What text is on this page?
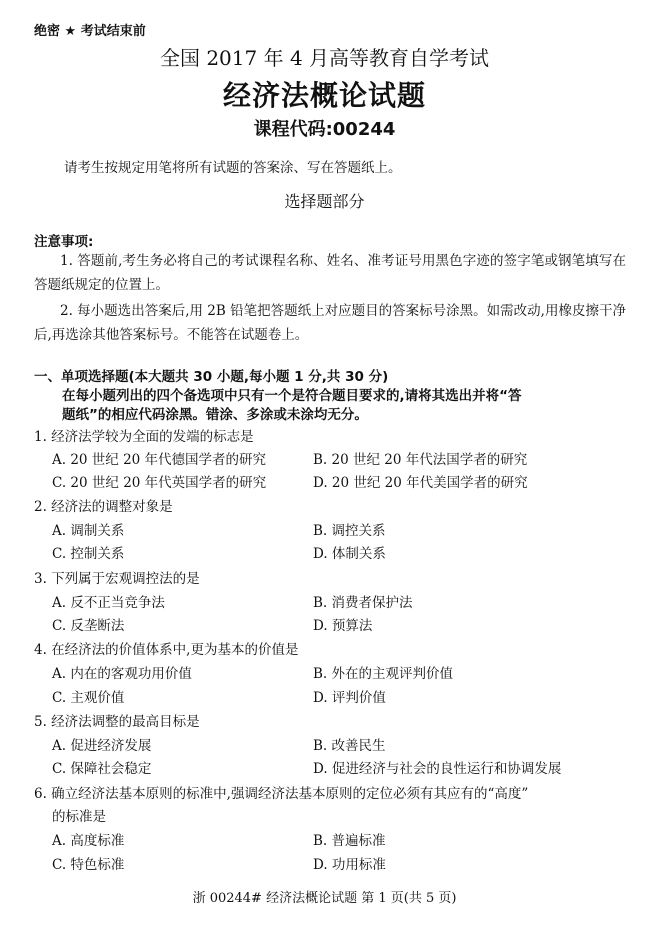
绝密 ★ 考试结束前
全国 2017 年 4 月高等教育自学考试
经济法概论试题
课程代码:00244
请考生按规定用笔将所有试题的答案涂、写在答题纸上。
选择题部分
注意事项:
1. 答题前,考生务必将自己的考试课程名称、姓名、准考证号用黑色字迹的签字笔或钢笔填写在答题纸规定的位置上。
2. 每小题选出答案后,用 2B 铅笔把答题纸上对应题目的答案标号涂黑。如需改动,用橡皮擦干净后,再选涂其他答案标号。不能答在试题卷上。
一、单项选择题(本大题共 30 小题,每小题 1 分,共 30 分)
在每小题列出的四个备选项中只有一个是符合题目要求的,请将其选出并将“答
题纸”的相应代码涂黑。错涂、多涂或未涂均无分。
1. 经济法学较为全面的发端的标志是
A. 20 世纪 20 年代德国学者的研究	B. 20 世纪 20 年代法国学者的研究
C. 20 世纪 20 年代英国学者的研究	D. 20 世纪 20 年代美国学者的研究
2. 经济法的调整对象是
A. 调制关系	B. 调控关系
C. 控制关系	D. 体制关系
3. 下列属于宏观调控法的是
A. 反不正当竞争法	B. 消费者保护法
C. 反垄断法	D. 预算法
4. 在经济法的价值体系中,更为基本的价值是
A. 内在的客观功用价值	B. 外在的主观评判价值
C. 主观价值	D. 评判价值
5. 经济法调整的最高目标是
A. 促进经济发展	B. 改善民生
C. 保障社会稳定	D. 促进经济与社会的良性运行和协调发展
6. 确立经济法基本原则的标准中,强调经济法基本原则的定位必须有其应有的“高度”
的标准是
A. 高度标准	B. 普遍标准
C. 特色标准	D. 功用标准
浙 00244# 经济法概论试题 第 1 页(共 5 页)
